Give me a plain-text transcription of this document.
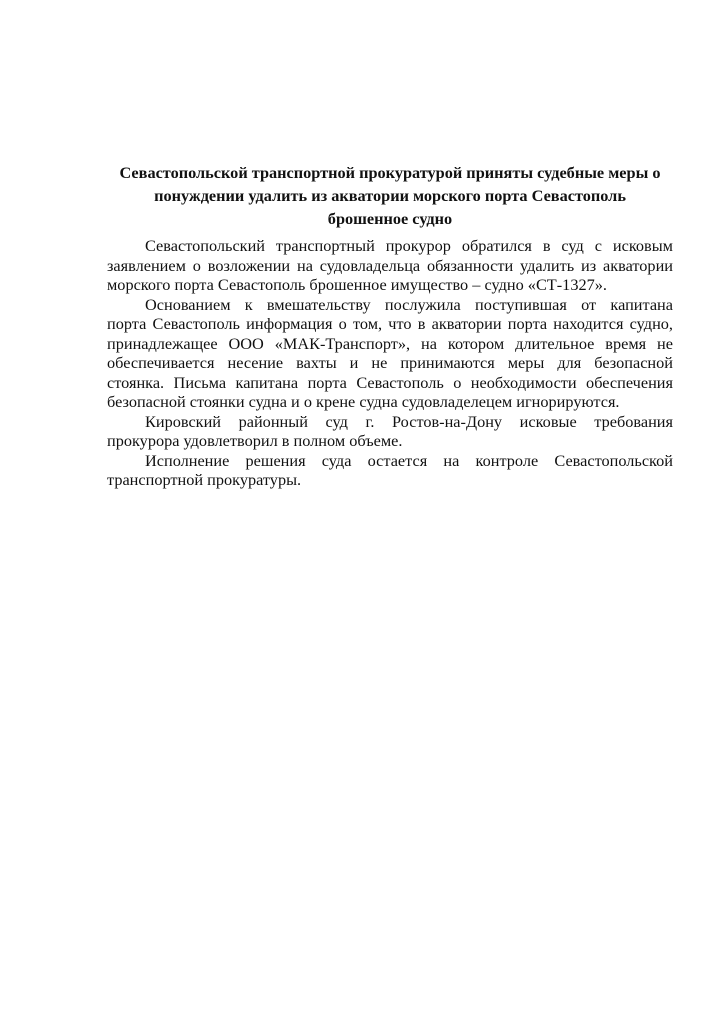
Севастопольской транспортной прокуратурой приняты судебные меры о
понуждении удалить из акватории морского порта Севастополь
брошенное судно
Севастопольский транспортный прокурор обратился в суд с исковым
заявлением о возложении на судовладельца обязанности удалить из акватории
морского порта Севастополь брошенное имущество – судно «СТ-1327».
Основанием к вмешательству послужила поступившая от капитана
порта Севастополь информация о том, что в акватории порта находится судно,
принадлежащее ООО «МАК-Транспорт», на котором длительное время не
обеспечивается несение вахты и не принимаются меры для безопасной
стоянка. Письма капитана порта Севастополь о необходимости обеспечения
безопасной стоянки судна и о крене судна судовладелецем игнорируются.
Кировский районный суд г. Ростов-на-Дону исковые требования
прокурора удовлетворил в полном объеме.
Исполнение решения суда остается на контроле Севастопольской
транспортной прокуратуры.
